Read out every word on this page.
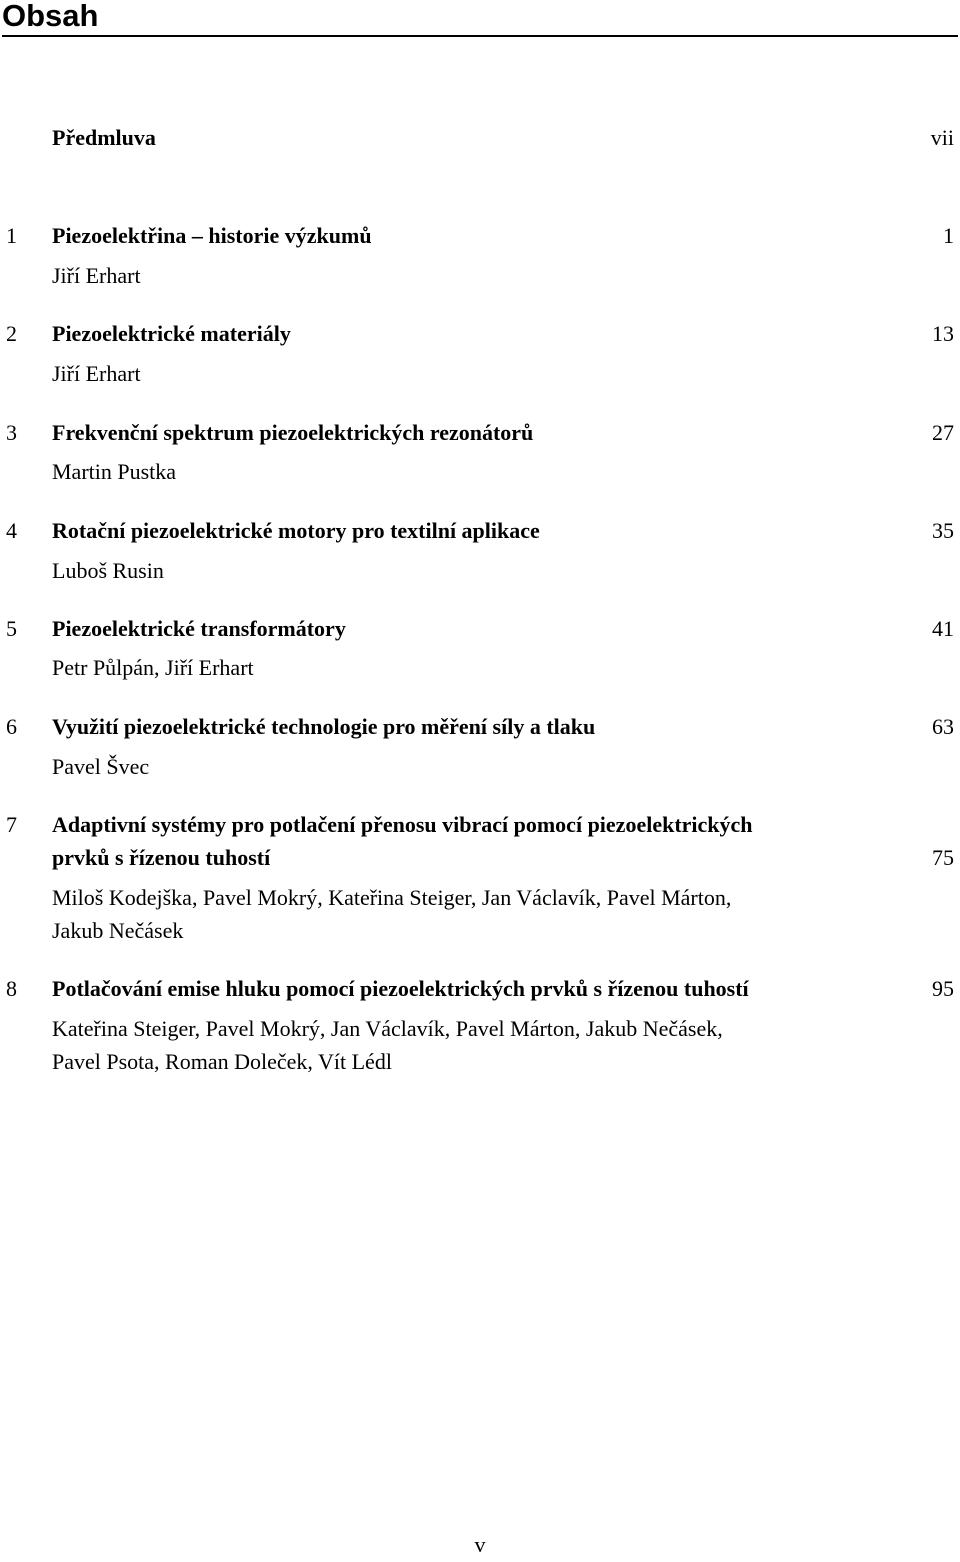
Obsah
Předmluva	vii
1 Piezoelektřina – historie výzkumů	1
Jiří Erhart
2 Piezoelektrické materiály	13
Jiří Erhart
3 Frekvenční spektrum piezoelektrických rezonátorů	27
Martin Pustka
4 Rotační piezoelektrické motory pro textilní aplikace	35
Luboš Rusin
5 Piezoelektrické transformátory	41
Petr Půlpán, Jiří Erhart
6 Využití piezoelektrické technologie pro měření síly a tlaku	63
Pavel Švec
7 Adaptivní systémy pro potlačení přenosu vibrací pomocí piezoelektrických
prvků s řízenou tuhostí	75
Miloš Kodejška, Pavel Mokrý, Kateřina Steiger, Jan Václavík, Pavel Márton,
Jakub Nečásek
8 Potlačování emise hluku pomocí piezoelektrických prvků s řízenou tuhostí	95
Kateřina Steiger, Pavel Mokrý, Jan Václavík, Pavel Márton, Jakub Nečásek,
Pavel Psota, Roman Doleček, Vít Lédl
v
